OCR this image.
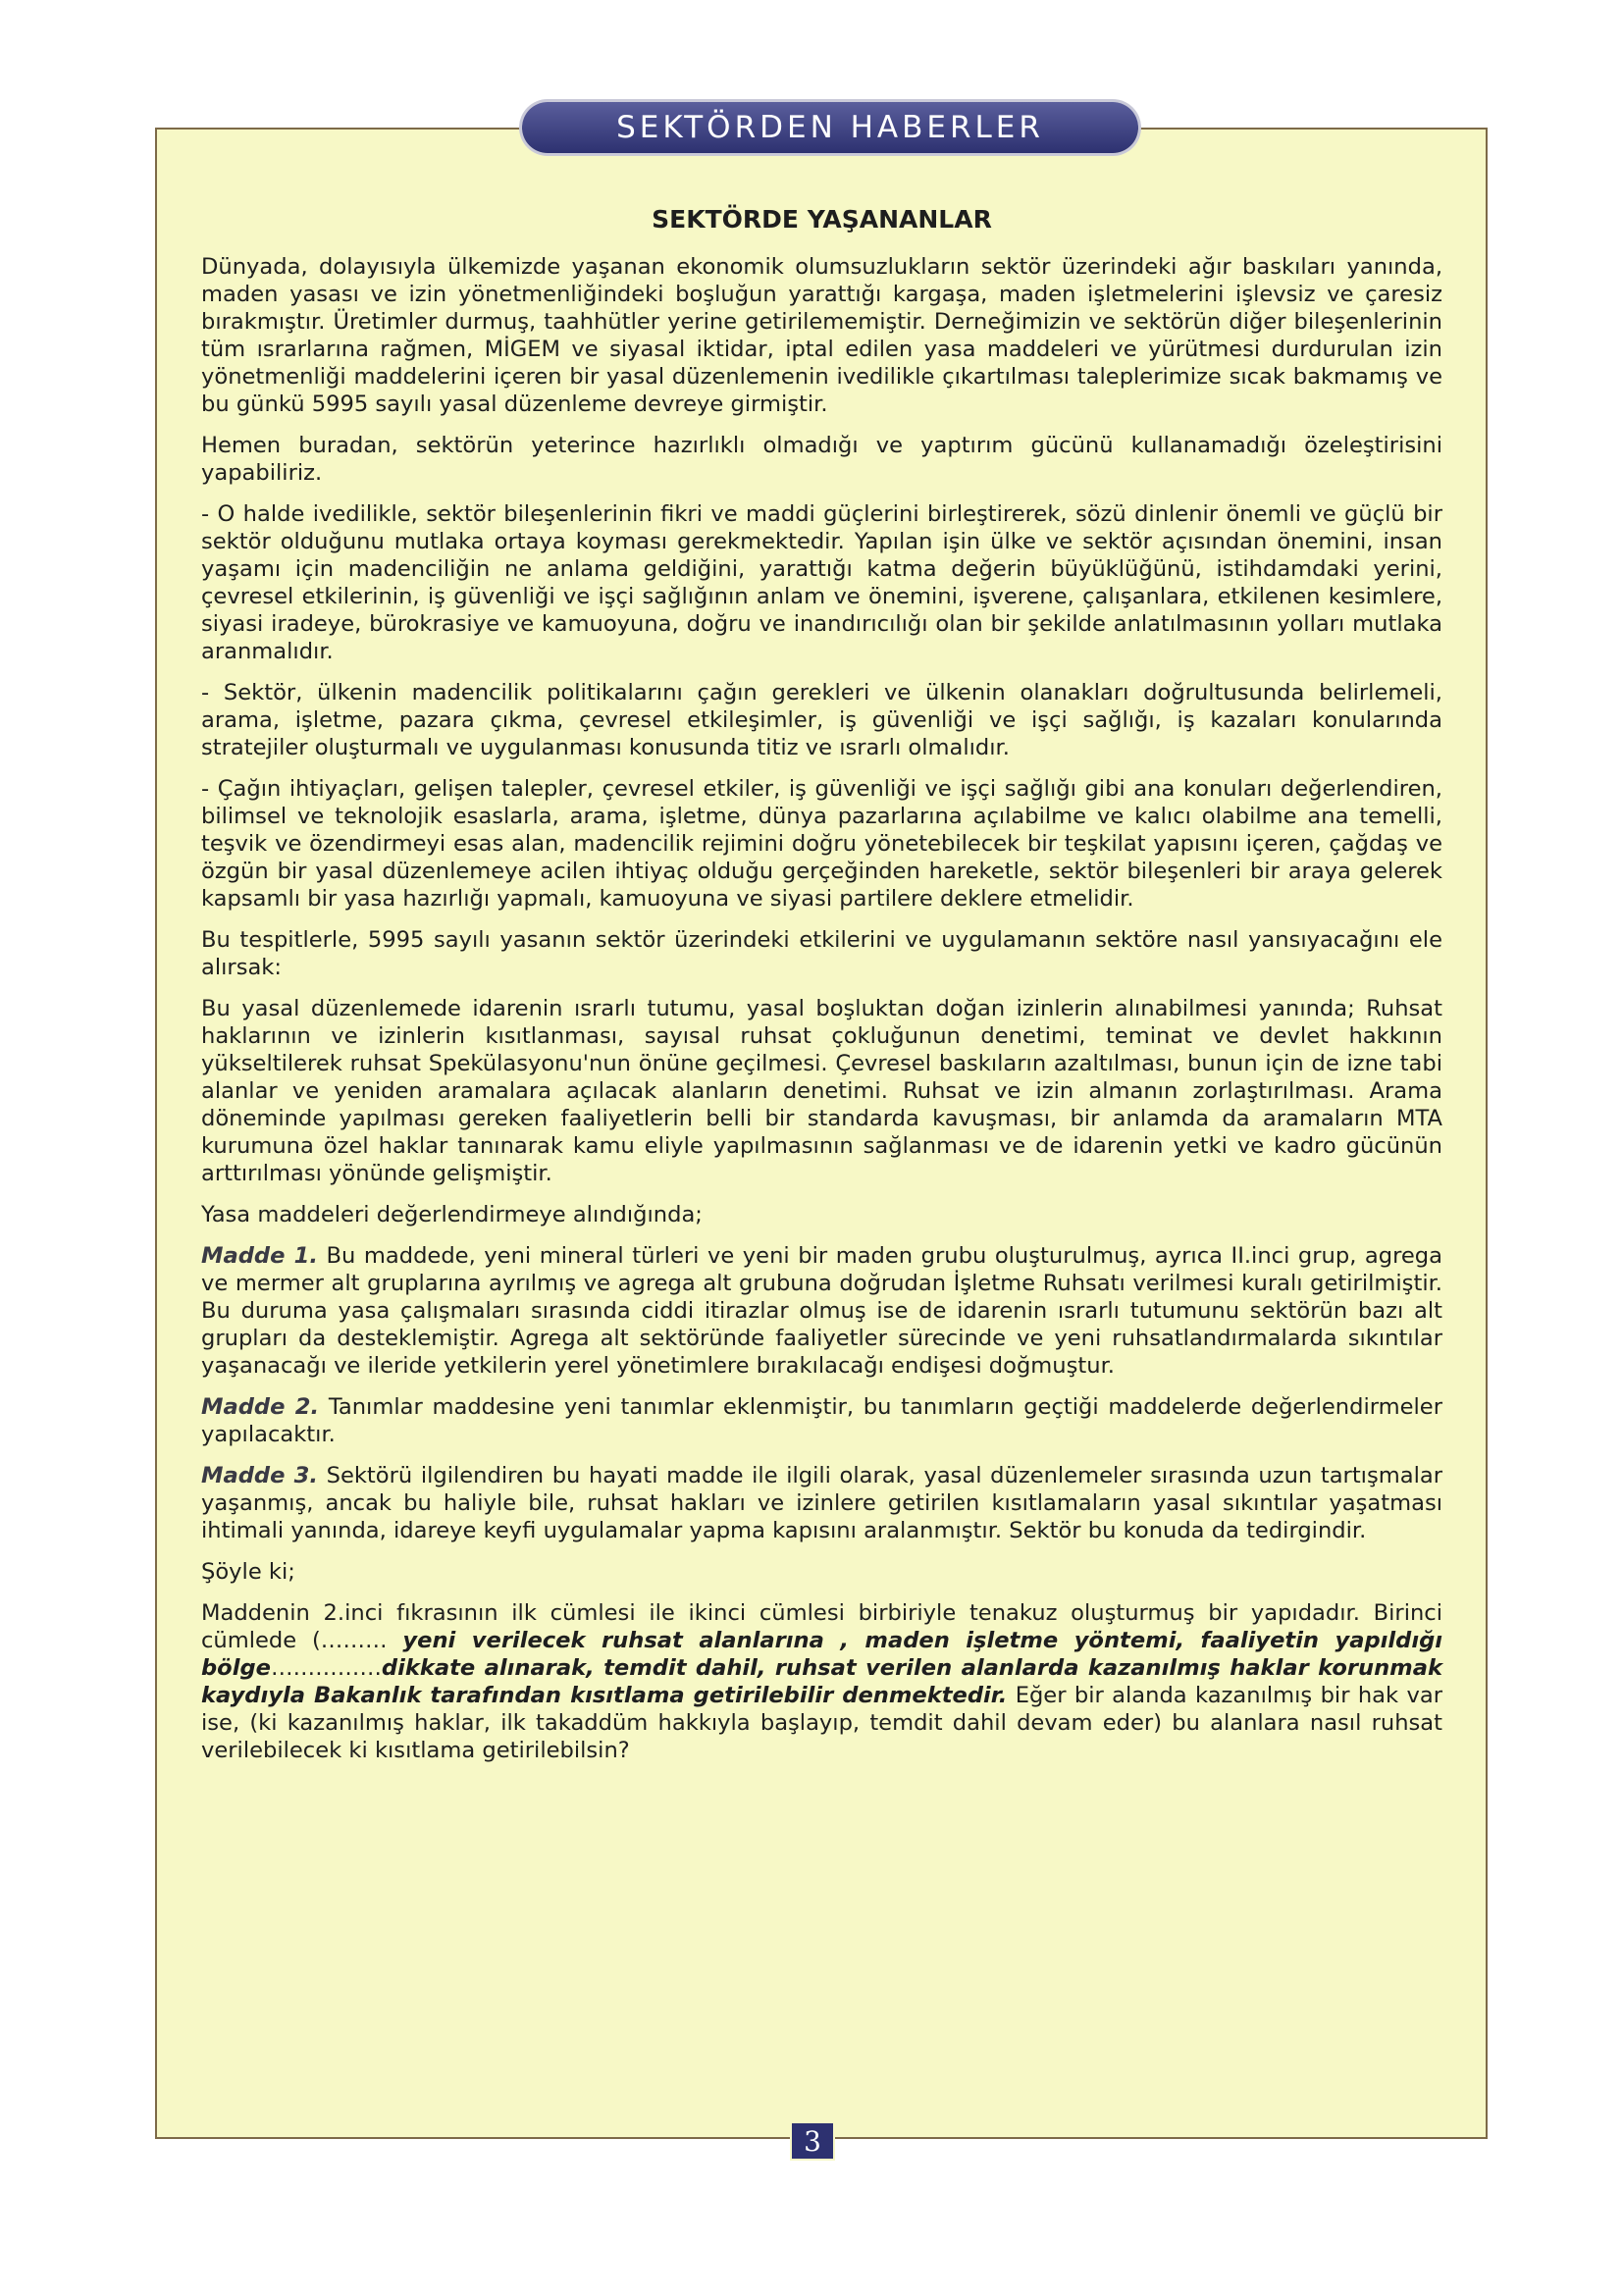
SEKTÖRDEN HABERLER
SEKTÖRDE YAŞANANLAR

Dünyada, dolayısıyla ülkemizde yaşanan ekonomik olumsuzlukların sektör üzerindeki ağır baskıları yanında, maden yasası ve izin yönetmenliğindeki boşluğun yarattığı kargaşa, maden işletmelerini işlevsiz ve çaresiz bırakmıştır. Üretimler durmuş, taahhütler yerine getirilememiştir. Derneğimizin ve sektörün diğer bileşenlerinin tüm ısrarlarına rağmen, MİGEM ve siyasal iktidar, iptal edilen yasa maddeleri ve yürütmesi durdurulan izin yönetmenliği maddelerini içeren bir yasal düzenlemenin ivedilikle çıkartılması taleplerimize sıcak bakmamış ve bu günkü 5995 sayılı yasal düzenleme devreye girmiştir.

Hemen buradan, sektörün yeterince hazırlıklı olmadığı ve yaptırım gücünü kullanamadığı özeleştirisini yapabiliriz.

- O halde ivedilikle, sektör bileşenlerinin fikri ve maddi güçlerini birleştirerek, sözü dinlenir önemli ve güçlü bir sektör olduğunu mutlaka ortaya koyması gerekmektedir. Yapılan işin ülke ve sektör açısından önemini, insan yaşamı için madenciliğin ne anlama geldiğini, yarattığı katma değerin büyüklüğünü, istihdamdaki yerini, çevresel etkilerinin, iş güvenliği ve işçi sağlığının anlam ve önemini, işverene, çalışanlara, etkilenen kesimlere, siyasi iradeye, bürokrasiye ve kamuoyuna, doğru ve inandırıcılığı olan bir şekilde anlatılmasının yolları mutlaka aranmalıdır.

- Sektör, ülkenin madencilik politikalarını çağın gerekleri ve ülkenin olanakları doğrultusunda belirlemeli, arama, işletme, pazara çıkma, çevresel etkileşimler, iş güvenliği ve işçi sağlığı, iş kazaları konularında stratejiler oluşturmalı ve uygulanması konusunda titiz ve ısrarlı olmalıdır.

- Çağın ihtiyaçları, gelişen talepler, çevresel etkiler, iş güvenliği ve işçi sağlığı gibi ana konuları değerlendiren, bilimsel ve teknolojik esaslarla, arama, işletme, dünya pazarlarına açılabilme ve kalıcı olabilme ana temelli, teşvik ve özendirmeyi esas alan, madencilik rejimini doğru yönetebilecek bir teşkilat yapısını içeren, çağdaş ve özgün bir yasal düzenlemeye acilen ihtiyaç olduğu gerçeğinden hareketle, sektör bileşenleri bir araya gelerek kapsamlı bir yasa hazırlığı yapmalı, kamuoyuna ve siyasi partilere deklere etmelidir.

Bu tespitlerle, 5995 sayılı yasanın sektör üzerindeki etkilerini ve uygulamanın sektöre nasıl yansıyacağını ele alırsak:

Bu yasal düzenlemede idarenin ısrarlı tutumu, yasal boşluktan doğan izinlerin alınabilmesi yanında; Ruhsat haklarının ve izinlerin kısıtlanması, sayısal ruhsat çokluğunun denetimi, teminat ve devlet hakkının yükseltilerek ruhsat Spekülasyonu'nun önüne geçilmesi. Çevresel baskıların azaltılması, bunun için de izne tabi alanlar ve yeniden aramalara açılacak alanların denetimi. Ruhsat ve izin almanın zorlaştırılması. Arama döneminde yapılması gereken faaliyetlerin belli bir standarda kavuşması, bir anlamda da aramaların MTA kurumuna özel haklar tanınarak kamu eliyle yapılmasının sağlanması ve de idarenin yetki ve kadro gücünün arttırılması yönünde gelişmiştir.

Yasa maddeleri değerlendirmeye alındığında;

Madde 1. Bu maddede, yeni mineral türleri ve yeni bir maden grubu oluşturulmuş, ayrıca II.inci grup, agrega ve mermer alt gruplarına ayrılmış ve agrega alt grubuna doğrudan İşletme Ruhsatı verilmesi kuralı getirilmiştir. Bu duruma yasa çalışmaları sırasında ciddi itirazlar olmuş ise de idarenin ısrarlı tutumunu sektörün bazı alt grupları da desteklemiştir. Agrega alt sektöründe faaliyetler sürecinde ve yeni ruhsatlandırmalarda sıkıntılar yaşanacağı ve ileride yetkilerin yerel yönetimlere bırakılacağı endişesi doğmuştur.

Madde 2. Tanımlar maddesine yeni tanımlar eklenmiştir, bu tanımların geçtiği maddelerde değerlendirmeler yapılacaktır.

Madde 3. Sektörü ilgilendiren bu hayati madde ile ilgili olarak, yasal düzenlemeler sırasında uzun tartışmalar yaşanmış, ancak bu haliyle bile, ruhsat hakları ve izinlere getirilen kısıtlamaların yasal sıkıntılar yaşatması ihtimali yanında, idareye keyfi uygulamalar yapma kapısını aralanmıştır. Sektör bu konuda da tedirgindir.

Şöyle ki;

Maddenin 2.inci fıkrasının ilk cümlesi ile ikinci cümlesi birbiriyle tenakuz oluşturmuş bir yapıdadır. Birinci cümlede (……… yeni verilecek ruhsat alanlarına , maden işletme yöntemi, faaliyetin yapıldığı bölge……………dikkate alınarak, temdit dahil, ruhsat verilen alanlarda kazanılmış haklar korunmak kaydıyla Bakanlık tarafından kısıtlama getirilebilir denmektedir. Eğer bir alanda kazanılmış bir hak var ise, (ki kazanılmış haklar, ilk takaddüm hakkıyla başlayıp, temdit dahil devam eder) bu alanlara nasıl ruhsat verilebilecek ki kısıtlama getirilebilsin?

3
